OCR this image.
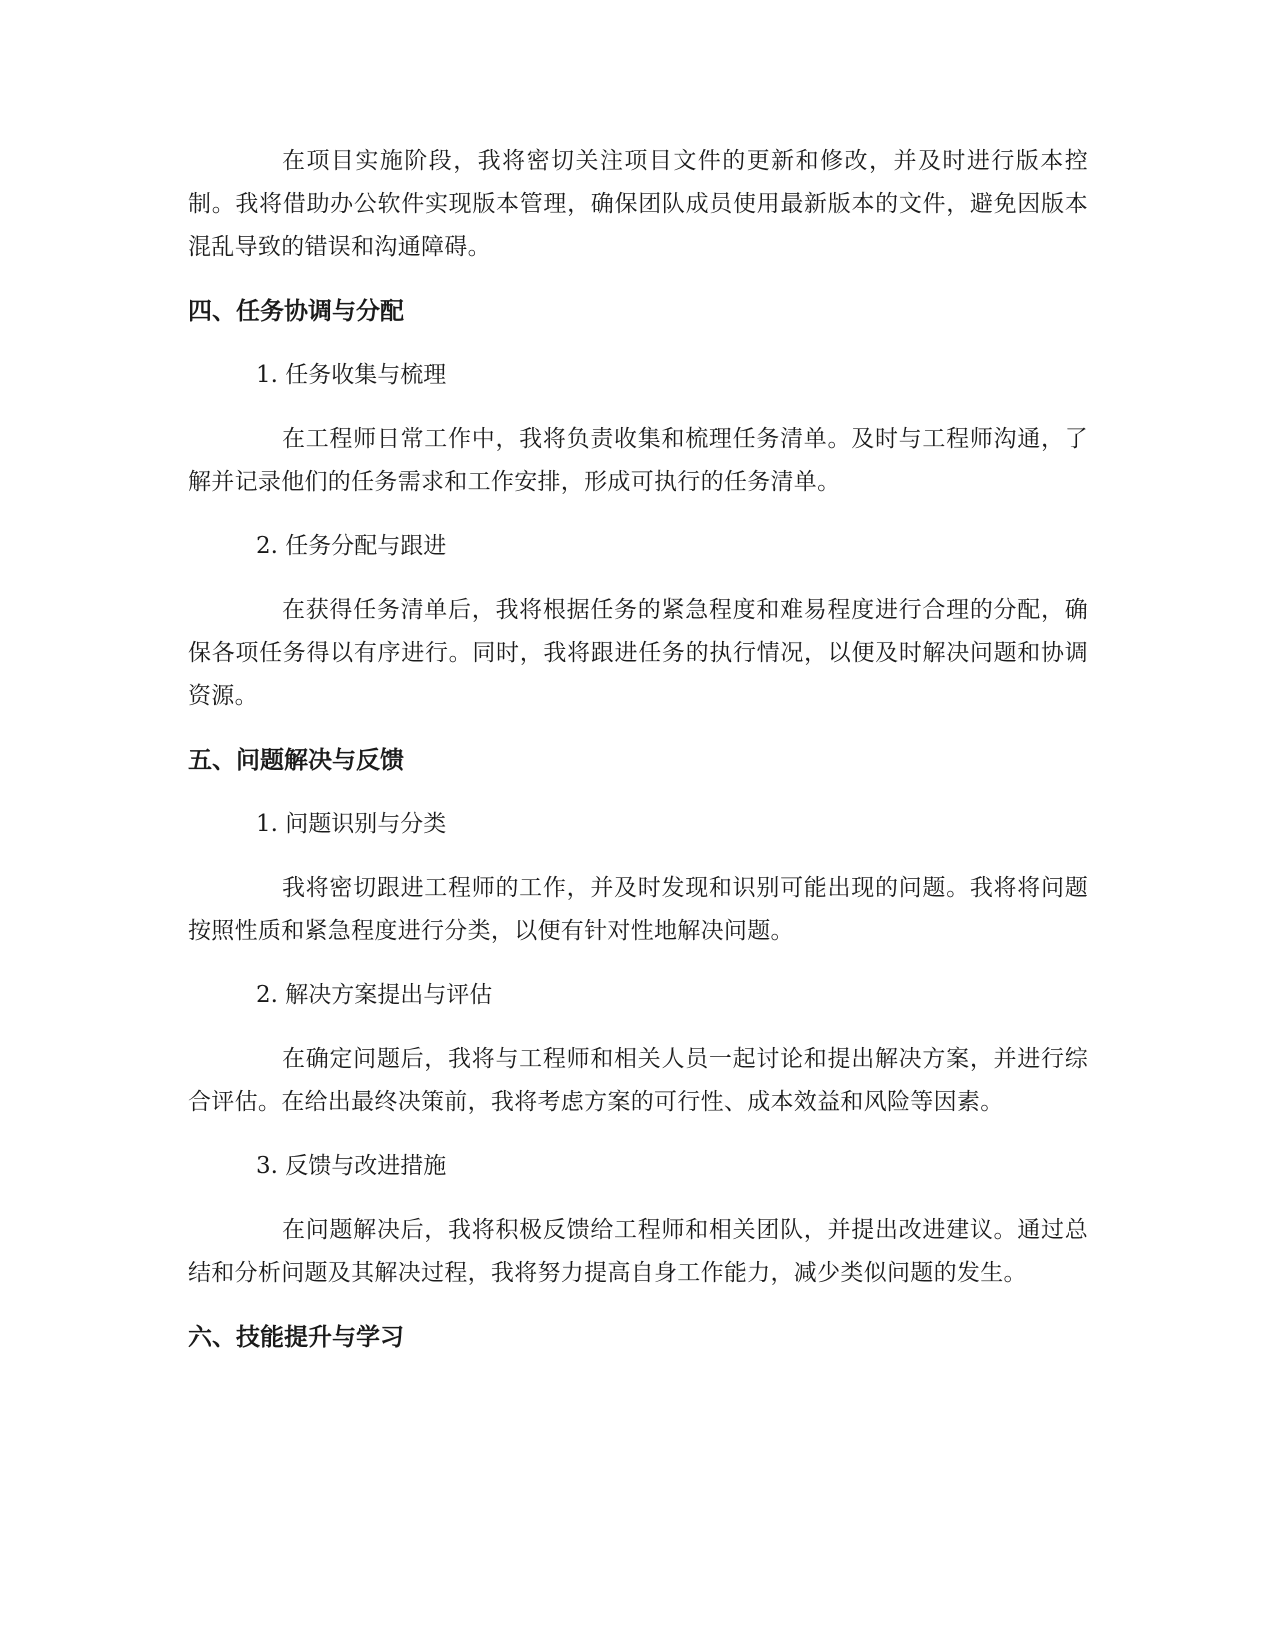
在项目实施阶段，我将密切关注项目文件的更新和修改，并及时进行版本控制。我将借助办公软件实现版本管理，确保团队成员使用最新版本的文件，避免因版本混乱导致的错误和沟通障碍。

四、任务协调与分配

1. 任务收集与梳理

在工程师日常工作中，我将负责收集和梳理任务清单。及时与工程师沟通，了解并记录他们的任务需求和工作安排，形成可执行的任务清单。

2. 任务分配与跟进

在获得任务清单后，我将根据任务的紧急程度和难易程度进行合理的分配，确保各项任务得以有序进行。同时，我将跟进任务的执行情况，以便及时解决问题和协调资源。

五、问题解决与反馈

1. 问题识别与分类

我将密切跟进工程师的工作，并及时发现和识别可能出现的问题。我将将问题按照性质和紧急程度进行分类，以便有针对性地解决问题。

2. 解决方案提出与评估

在确定问题后，我将与工程师和相关人员一起讨论和提出解决方案，并进行综合评估。在给出最终决策前，我将考虑方案的可行性、成本效益和风险等因素。

3. 反馈与改进措施

在问题解决后，我将积极反馈给工程师和相关团队，并提出改进建议。通过总结和分析问题及其解决过程，我将努力提高自身工作能力，减少类似问题的发生。

六、技能提升与学习
